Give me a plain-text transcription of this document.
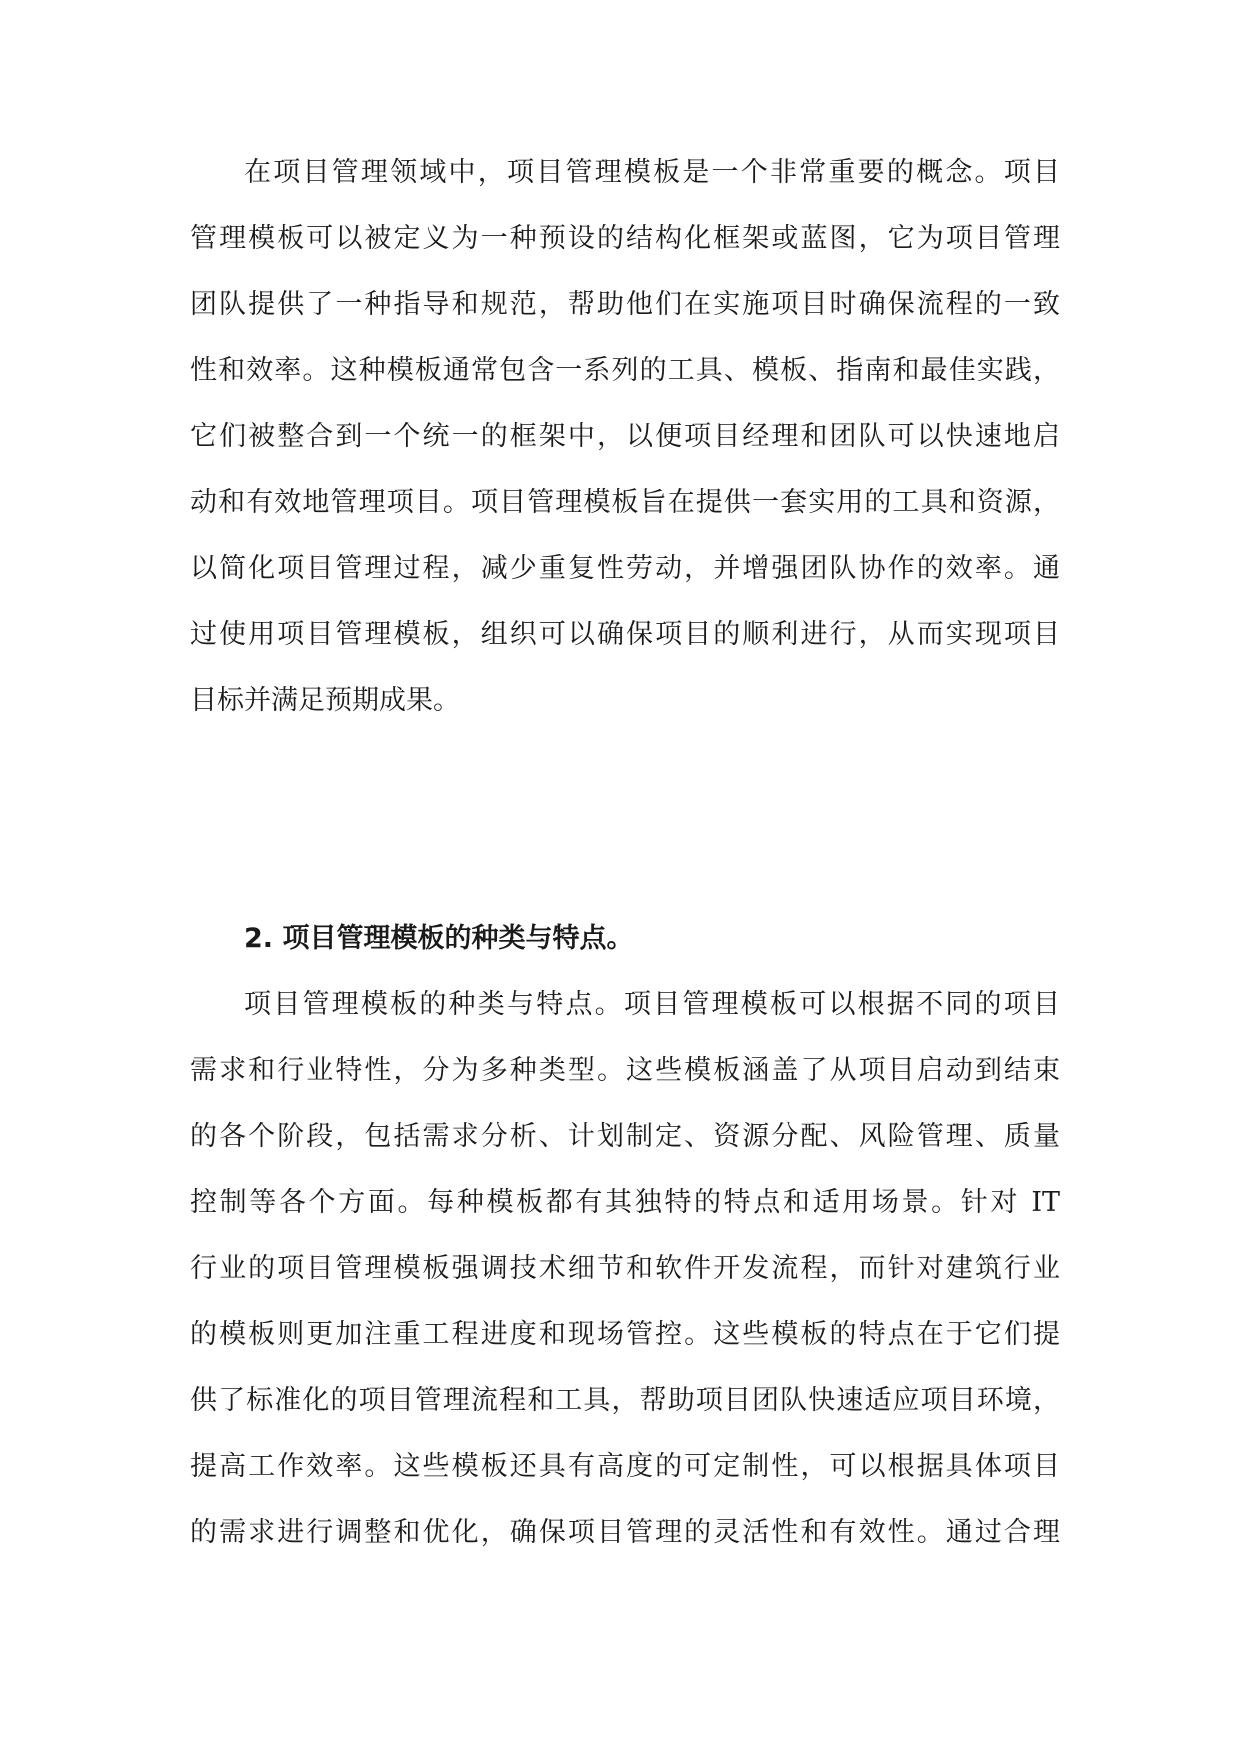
在项目管理领域中，项目管理模板是一个非常重要的概念。项目
管理模板可以被定义为一种预设的结构化框架或蓝图，它为项目管理
团队提供了一种指导和规范，帮助他们在实施项目时确保流程的一致
性和效率。这种模板通常包含一系列的工具、模板、指南和最佳实践，
它们被整合到一个统一的框架中，以便项目经理和团队可以快速地启
动和有效地管理项目。项目管理模板旨在提供一套实用的工具和资源，
以简化项目管理过程，减少重复性劳动，并增强团队协作的效率。通
过使用项目管理模板，组织可以确保项目的顺利进行，从而实现项目
目标并满足预期成果。
2. 项目管理模板的种类与特点。
项目管理模板的种类与特点。项目管理模板可以根据不同的项目
需求和行业特性，分为多种类型。这些模板涵盖了从项目启动到结束
的各个阶段，包括需求分析、计划制定、资源分配、风险管理、质量
控制等各个方面。每种模板都有其独特的特点和适用场景。针对 IT
行业的项目管理模板强调技术细节和软件开发流程，而针对建筑行业
的模板则更加注重工程进度和现场管控。这些模板的特点在于它们提
供了标准化的项目管理流程和工具，帮助项目团队快速适应项目环境，
提高工作效率。这些模板还具有高度的可定制性，可以根据具体项目
的需求进行调整和优化，确保项目管理的灵活性和有效性。通过合理
